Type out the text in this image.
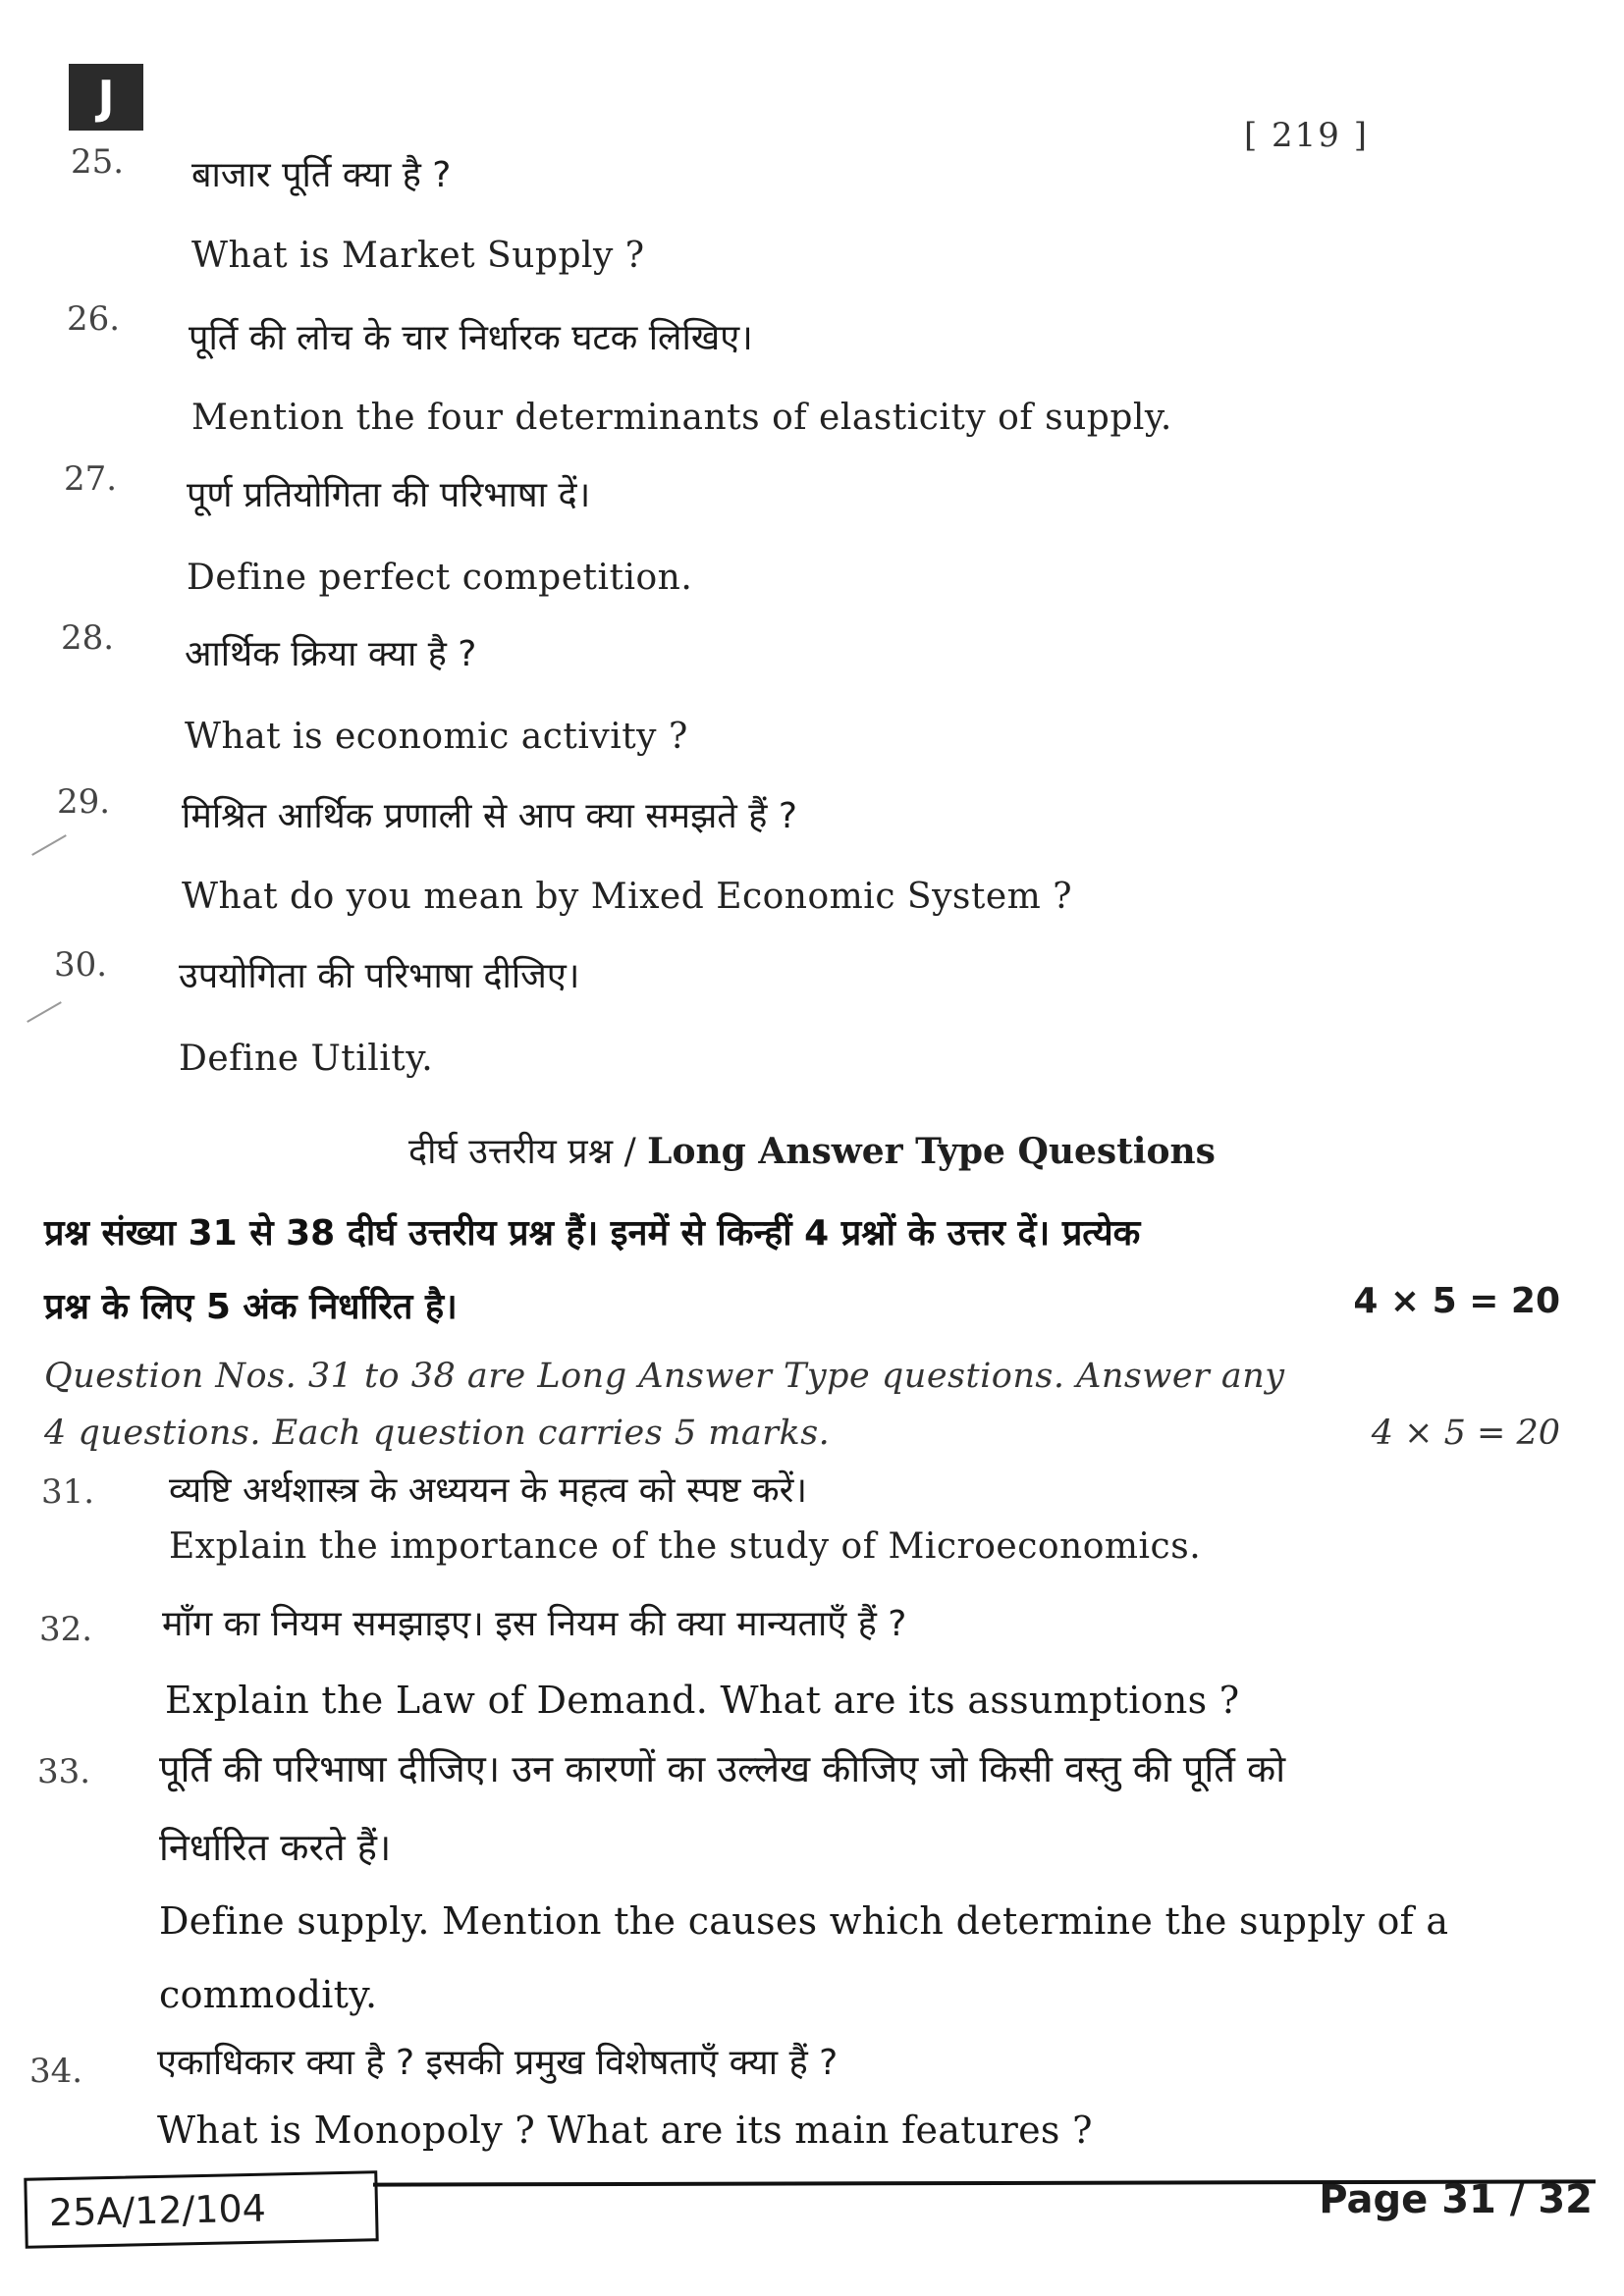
J
[ 219 ]
25. बाजार पूर्ति क्या है ?
What is Market Supply ?
26. पूर्ति की लोच के चार निर्धारक घटक लिखिए।
Mention the four determinants of elasticity of supply.
27. पूर्ण प्रतियोगिता की परिभाषा दें।
Define perfect competition.
28. आर्थिक क्रिया क्या है ?
What is economic activity ?
29. मिश्रित आर्थिक प्रणाली से आप क्या समझते हैं ?
What do you mean by Mixed Economic System ?
30. उपयोगिता की परिभाषा दीजिए।
Define Utility.
दीर्घ उत्तरीय प्रश्न / Long Answer Type Questions
प्रश्न संख्या 31 से 38 दीर्घ उत्तरीय प्रश्न हैं। इनमें से किन्हीं 4 प्रश्नों के उत्तर दें। प्रत्येक
प्रश्न के लिए 5 अंक निर्धारित है।	4 × 5 = 20
Question Nos. 31 to 38 are Long Answer Type questions. Answer any
4 questions. Each question carries 5 marks.	4 × 5 = 20
31. व्यष्टि अर्थशास्त्र के अध्ययन के महत्व को स्पष्ट करें।
Explain the importance of the study of Microeconomics.
32. माँग का नियम समझाइए। इस नियम की क्या मान्यताएँ हैं ?
Explain the Law of Demand. What are its assumptions ?
33. पूर्ति की परिभाषा दीजिए। उन कारणों का उल्लेख कीजिए जो किसी वस्तु की पूर्ति को
निर्धारित करते हैं।
Define supply. Mention the causes which determine the supply of a
commodity.
34. एकाधिकार क्या है ? इसकी प्रमुख विशेषताएँ क्या हैं ?
What is Monopoly ? What are its main features ?
25A/12/104	Page 31 / 32
